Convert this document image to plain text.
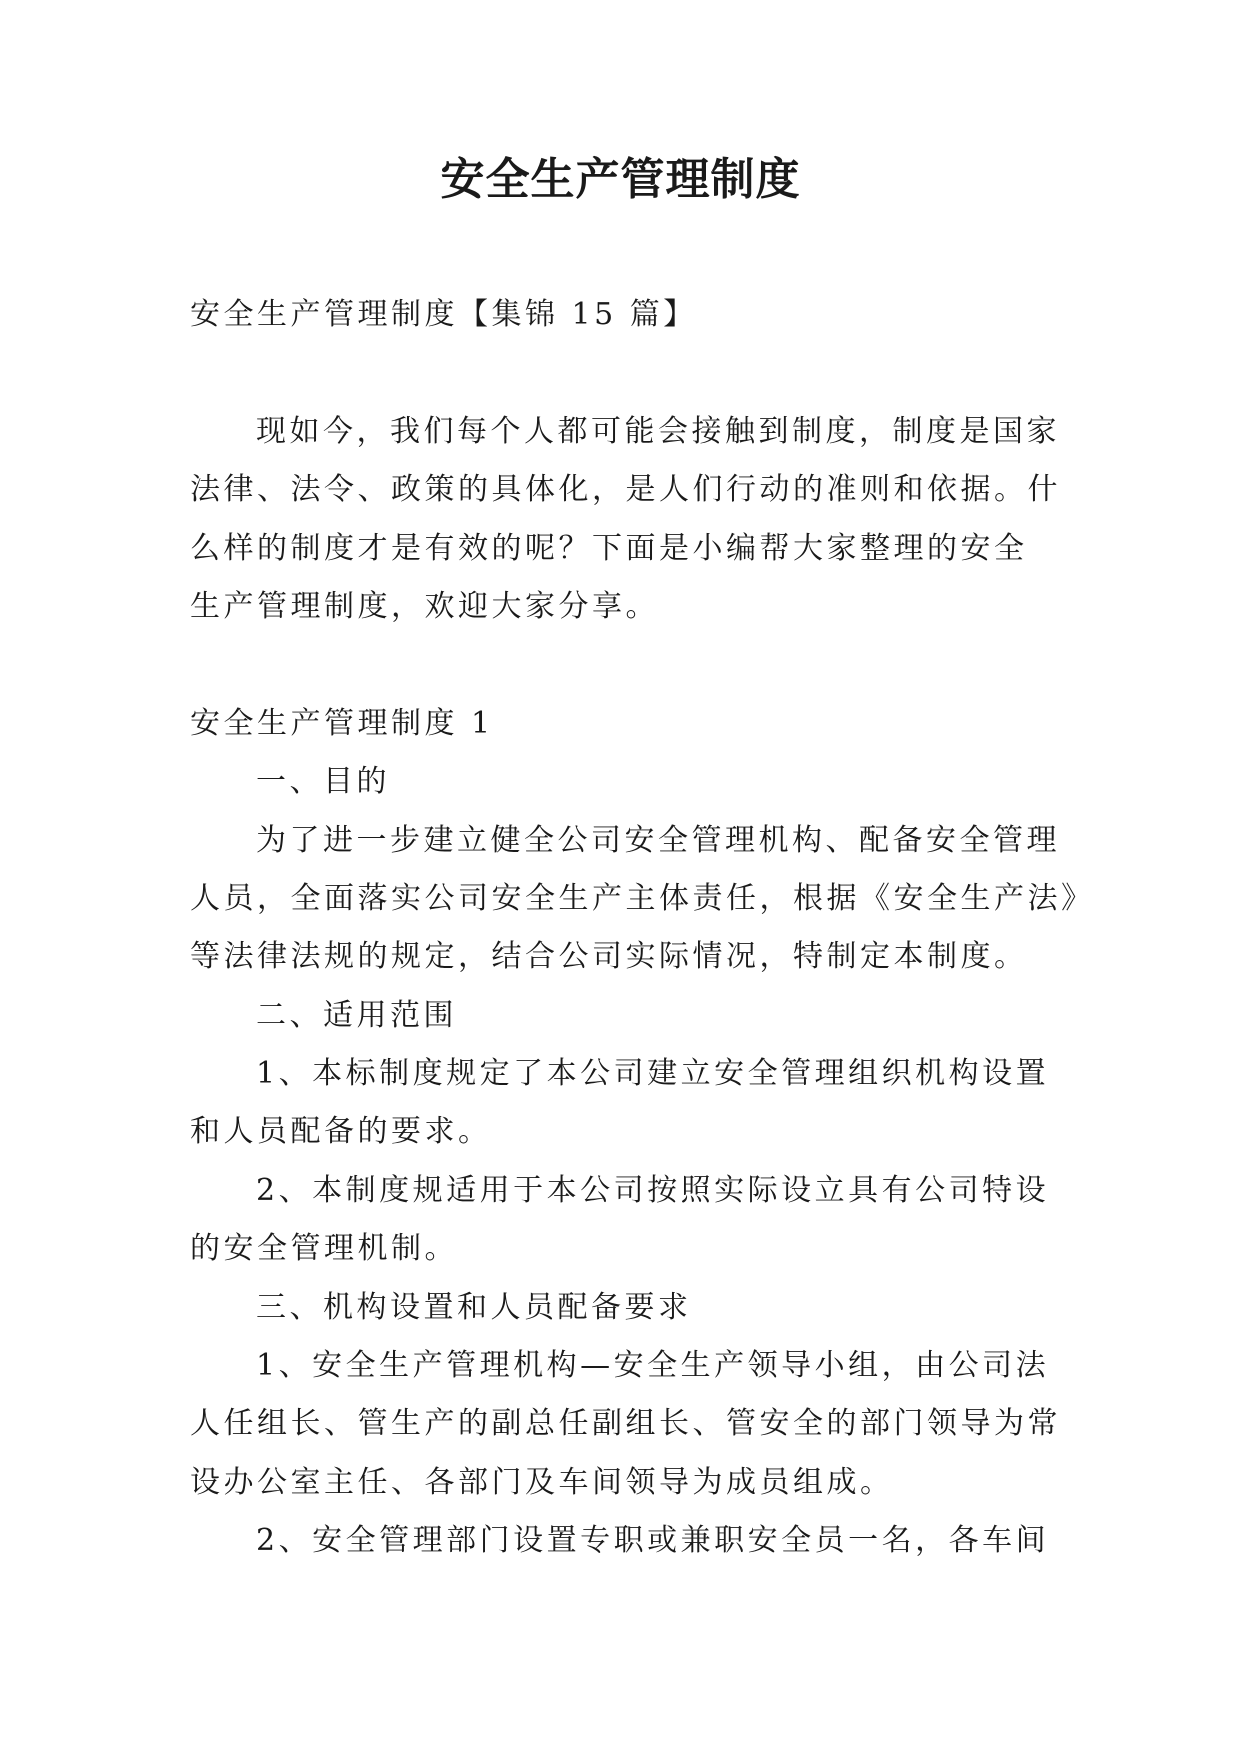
安全生产管理制度
安全生产管理制度【集锦 15 篇】
现如今，我们每个人都可能会接触到制度，制度是国家
法律、法令、政策的具体化，是人们行动的准则和依据。什
么样的制度才是有效的呢？下面是小编帮大家整理的安全
生产管理制度，欢迎大家分享。
安全生产管理制度 1
一、目的
为了进一步建立健全公司安全管理机构、配备安全管理
人员，全面落实公司安全生产主体责任，根据《安全生产法》
等法律法规的规定，结合公司实际情况，特制定本制度。
二、适用范围
1、本标制度规定了本公司建立安全管理组织机构设置
和人员配备的要求。
2、本制度规适用于本公司按照实际设立具有公司特设
的安全管理机制。
三、机构设置和人员配备要求
1、安全生产管理机构—安全生产领导小组，由公司法
人任组长、管生产的副总任副组长、管安全的部门领导为常
设办公室主任、各部门及车间领导为成员组成。
2、安全管理部门设置专职或兼职安全员一名，各车间
